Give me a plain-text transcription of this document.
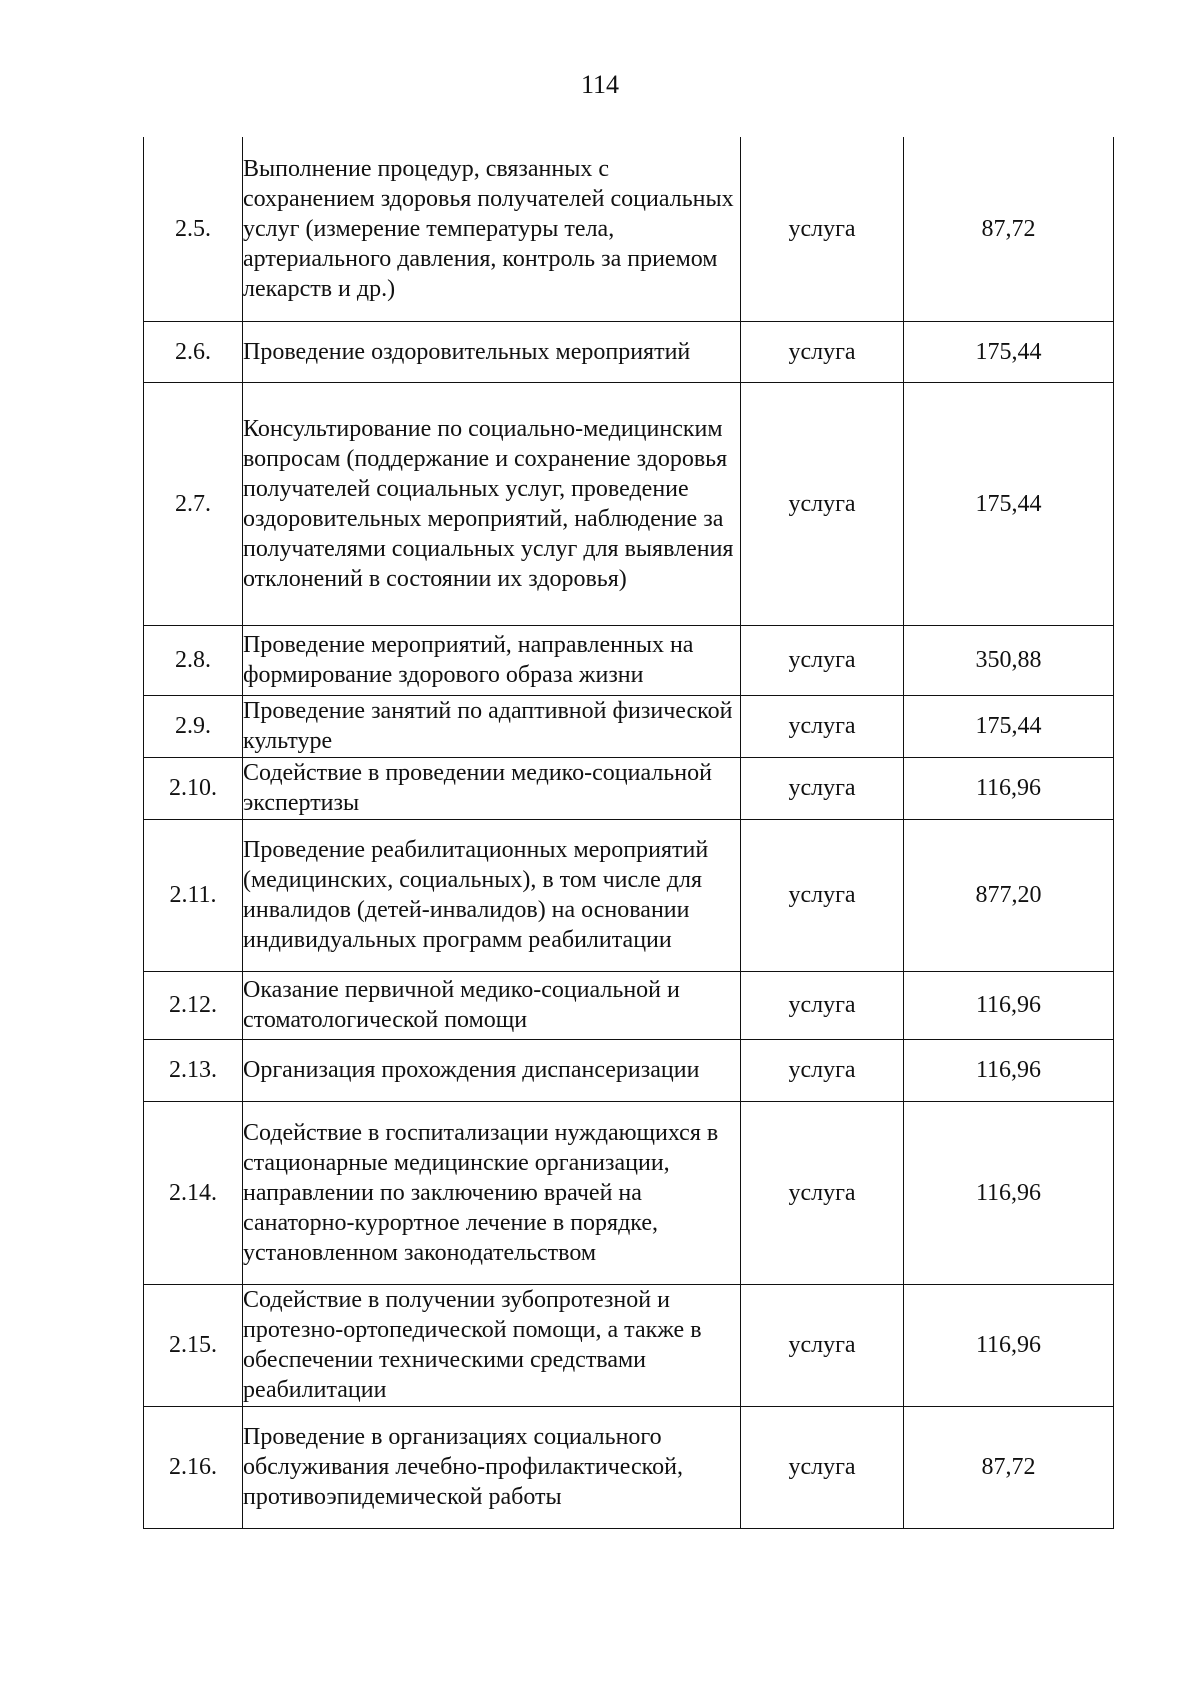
114
2.5.	Выполнение процедур, связанных с сохранением здоровья получателей социальных услуг (измерение температуры тела, артериального давления, контроль за приемом лекарств и др.)	услуга	87,72
2.6.	Проведение оздоровительных мероприятий	услуга	175,44
2.7.	Консультирование по социально-медицинским вопросам (поддержание и сохранение здоровья получателей социальных услуг, проведение оздоровительных мероприятий, наблюдение за получателями социальных услуг для выявления отклонений в состоянии их здоровья)	услуга	175,44
2.8.	Проведение мероприятий, направленных на формирование здорового образа жизни	услуга	350,88
2.9.	Проведение занятий по адаптивной физической культуре	услуга	175,44
2.10.	Содействие в проведении медико-социальной экспертизы	услуга	116,96
2.11.	Проведение реабилитационных мероприятий (медицинских, социальных), в том числе для инвалидов (детей-инвалидов) на основании индивидуальных программ реабилитации	услуга	877,20
2.12.	Оказание первичной медико-социальной и стоматологической помощи	услуга	116,96
2.13.	Организация прохождения диспансеризации	услуга	116,96
2.14.	Содействие в госпитализации нуждающихся в стационарные медицинские организации, направлении по заключению врачей на санаторно-курортное лечение в порядке, установленном законодательством	услуга	116,96
2.15.	Содействие в получении зубопротезной и протезно-ортопедической помощи, а также в обеспечении техническими средствами реабилитации	услуга	116,96
2.16.	Проведение в организациях социального обслуживания лечебно-профилактической, противоэпидемической работы	услуга	87,72
